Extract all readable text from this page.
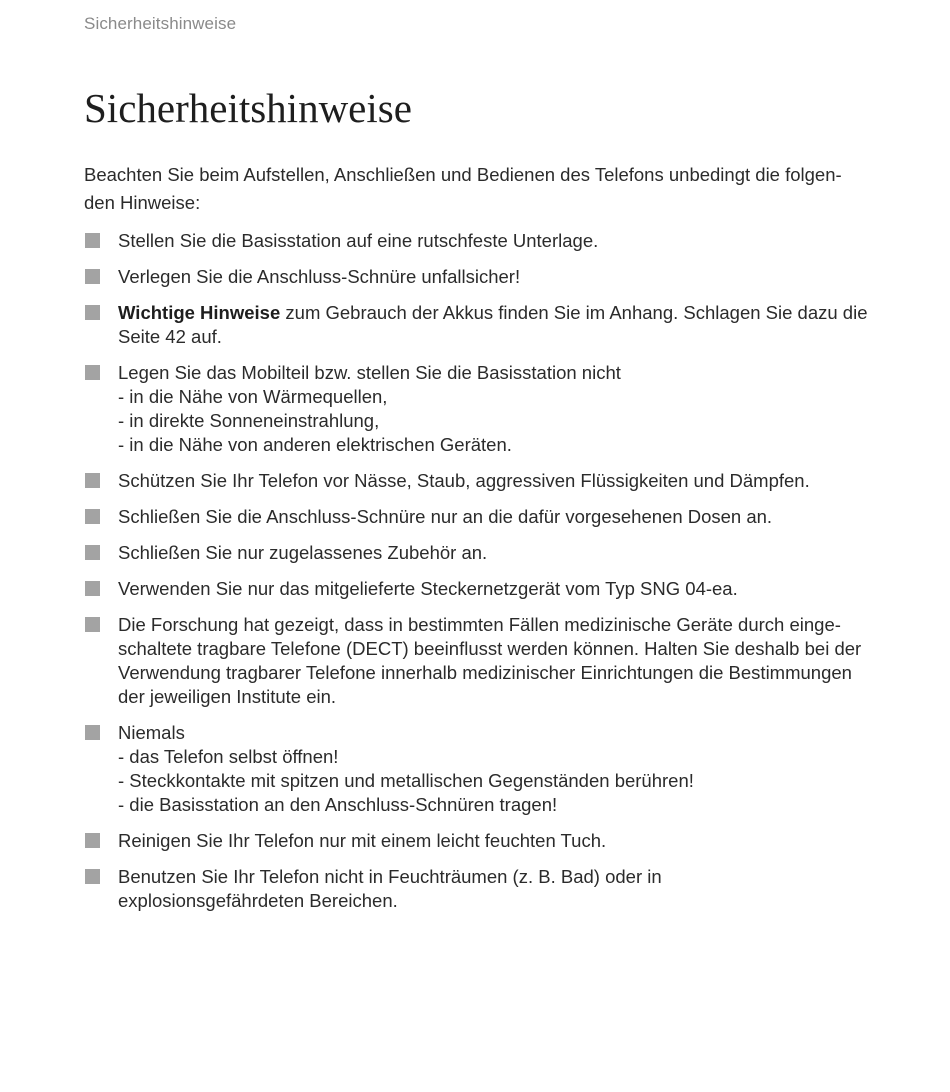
Sicherheitshinweise
Sicherheitshinweise

Beachten Sie beim Aufstellen, Anschließen und Bedienen des Telefons unbedingt die folgen-
den Hinweise:

Stellen Sie die Basisstation auf eine rutschfeste Unterlage.
Verlegen Sie die Anschluss-Schnüre unfallsicher!
Wichtige Hinweise zum Gebrauch der Akkus finden Sie im Anhang. Schlagen Sie dazu die Seite 42 auf.
Legen Sie das Mobilteil bzw. stellen Sie die Basisstation nicht
- in die Nähe von Wärmequellen,
- in direkte Sonneneinstrahlung,
- in die Nähe von anderen elektrischen Geräten.
Schützen Sie Ihr Telefon vor Nässe, Staub, aggressiven Flüssigkeiten und Dämpfen.
Schließen Sie die Anschluss-Schnüre nur an die dafür vorgesehenen Dosen an.
Schließen Sie nur zugelassenes Zubehör an.
Verwenden Sie nur das mitgelieferte Steckernetzgerät vom Typ SNG 04-ea.
Die Forschung hat gezeigt, dass in bestimmten Fällen medizinische Geräte durch einge-
schaltete tragbare Telefone (DECT) beeinflusst werden können. Halten Sie deshalb bei der
Verwendung tragbarer Telefone innerhalb medizinischer Einrichtungen die Bestimmungen
der jeweiligen Institute ein.
Niemals
- das Telefon selbst öffnen!
- Steckkontakte mit spitzen und metallischen Gegenständen berühren!
- die Basisstation an den Anschluss-Schnüren tragen!
Reinigen Sie Ihr Telefon nur mit einem leicht feuchten Tuch.
Benutzen Sie Ihr Telefon nicht in Feuchträumen (z. B. Bad) oder in
explosionsgefährdeten Bereichen.
